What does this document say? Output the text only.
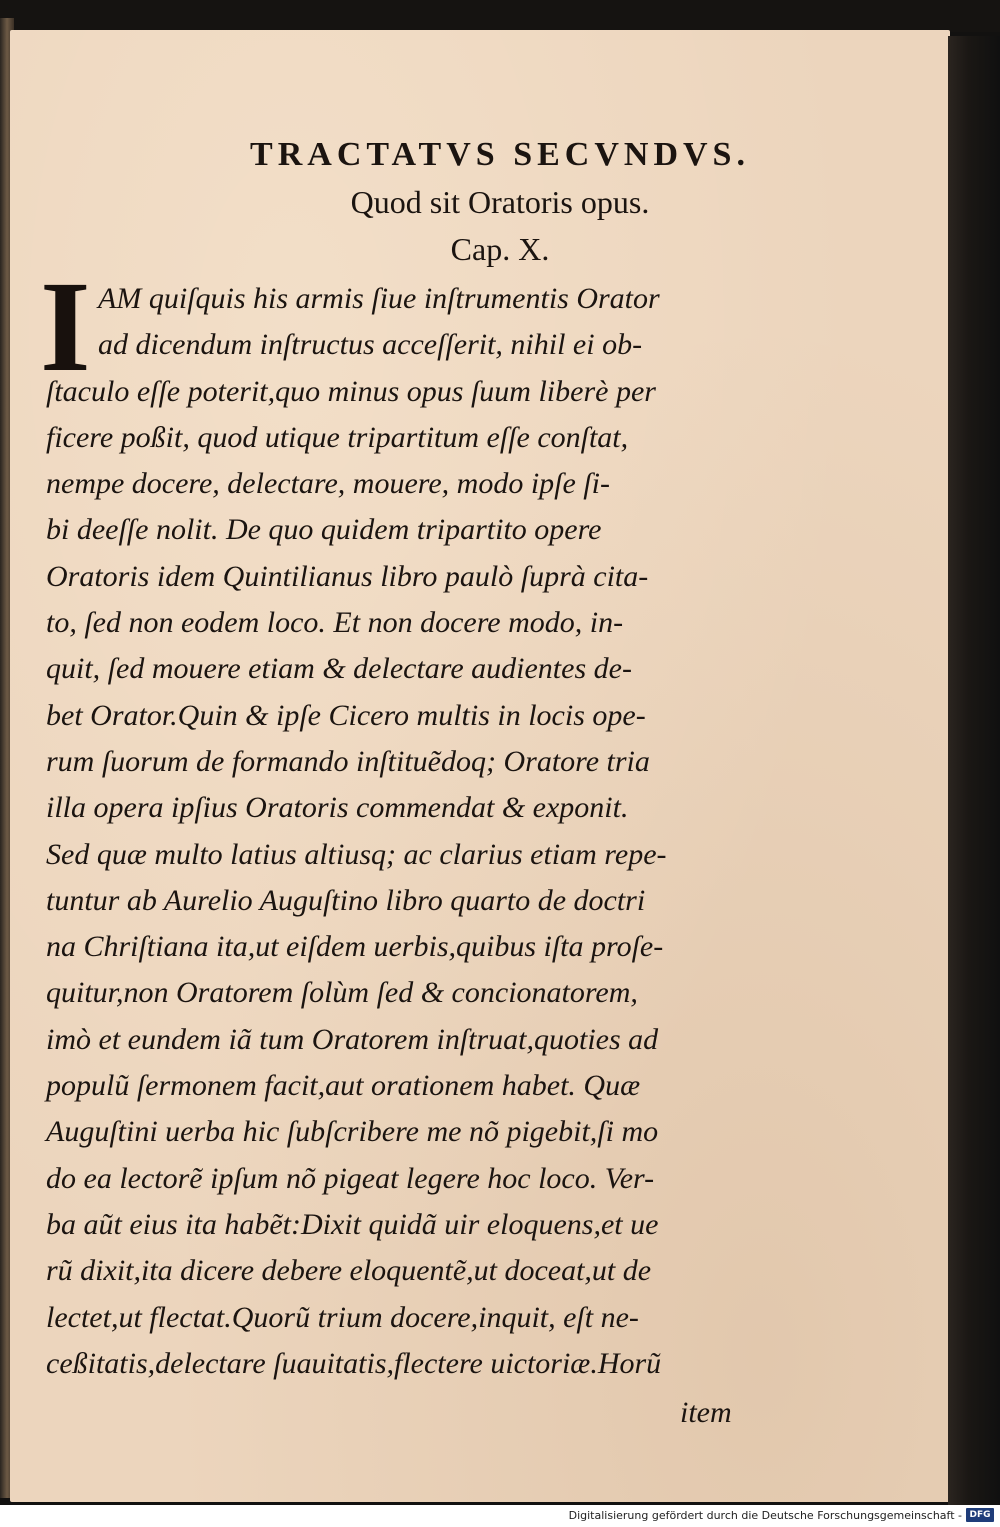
TRACTATVS SECVNDVS.
Quod sit Oratoris opus.
Cap. X.
I AM quiſquis his armis ſiue inſtrumentis Orator
ad dicendum inſtructus acceſſerit, nihil ei ob-
ſtaculo eſſe poterit,quo minus opus ſuum liberè per
ficere poßit, quod utique tripartitum eſſe conſtat,
nempe docere, delectare, mouere, modo ipſe ſi-
bi deeſſe nolit. De quo quidem tripartito opere
Oratoris idem Quintilianus libro paulò ſuprà cita-
to, ſed non eodem loco. Et non docere modo, in-
quit, ſed mouere etiam & delectare audientes de-
bet Orator.Quin & ipſe Cicero multis in locis ope-
rum ſuorum de formando inſtituẽdoq; Oratore tria
illa opera ipſius Oratoris commendat & exponit.
Sed quæ multo latius altiusq; ac clarius etiam repe-
tuntur ab Aurelio Auguſtino libro quarto de doctri
na Chriſtiana ita,ut eiſdem uerbis,quibus iſta proſe-
quitur,non Oratorem ſolùm ſed & concionatorem,
imò et eundem iã tum Oratorem inſtruat,quoties ad
populũ ſermonem facit,aut orationem habet. Quæ
Auguſtini uerba hic ſubſcribere me nõ pigebit,ſi mo
do ea lectorẽ ipſum nõ pigeat legere hoc loco. Ver-
ba aũt eius ita habẽt:Dixit quidã uir eloquens,et ue
rũ dixit,ita dicere debere eloquentẽ,ut doceat,ut de
lectet,ut flectat.Quorũ trium docere,inquit, eſt ne-
ceßitatis,delectare ſuauitatis,flectere uictoriæ.Horũ
item
Digitalisierung gefördert durch die Deutsche Forschungsgemeinschaft - DFG
